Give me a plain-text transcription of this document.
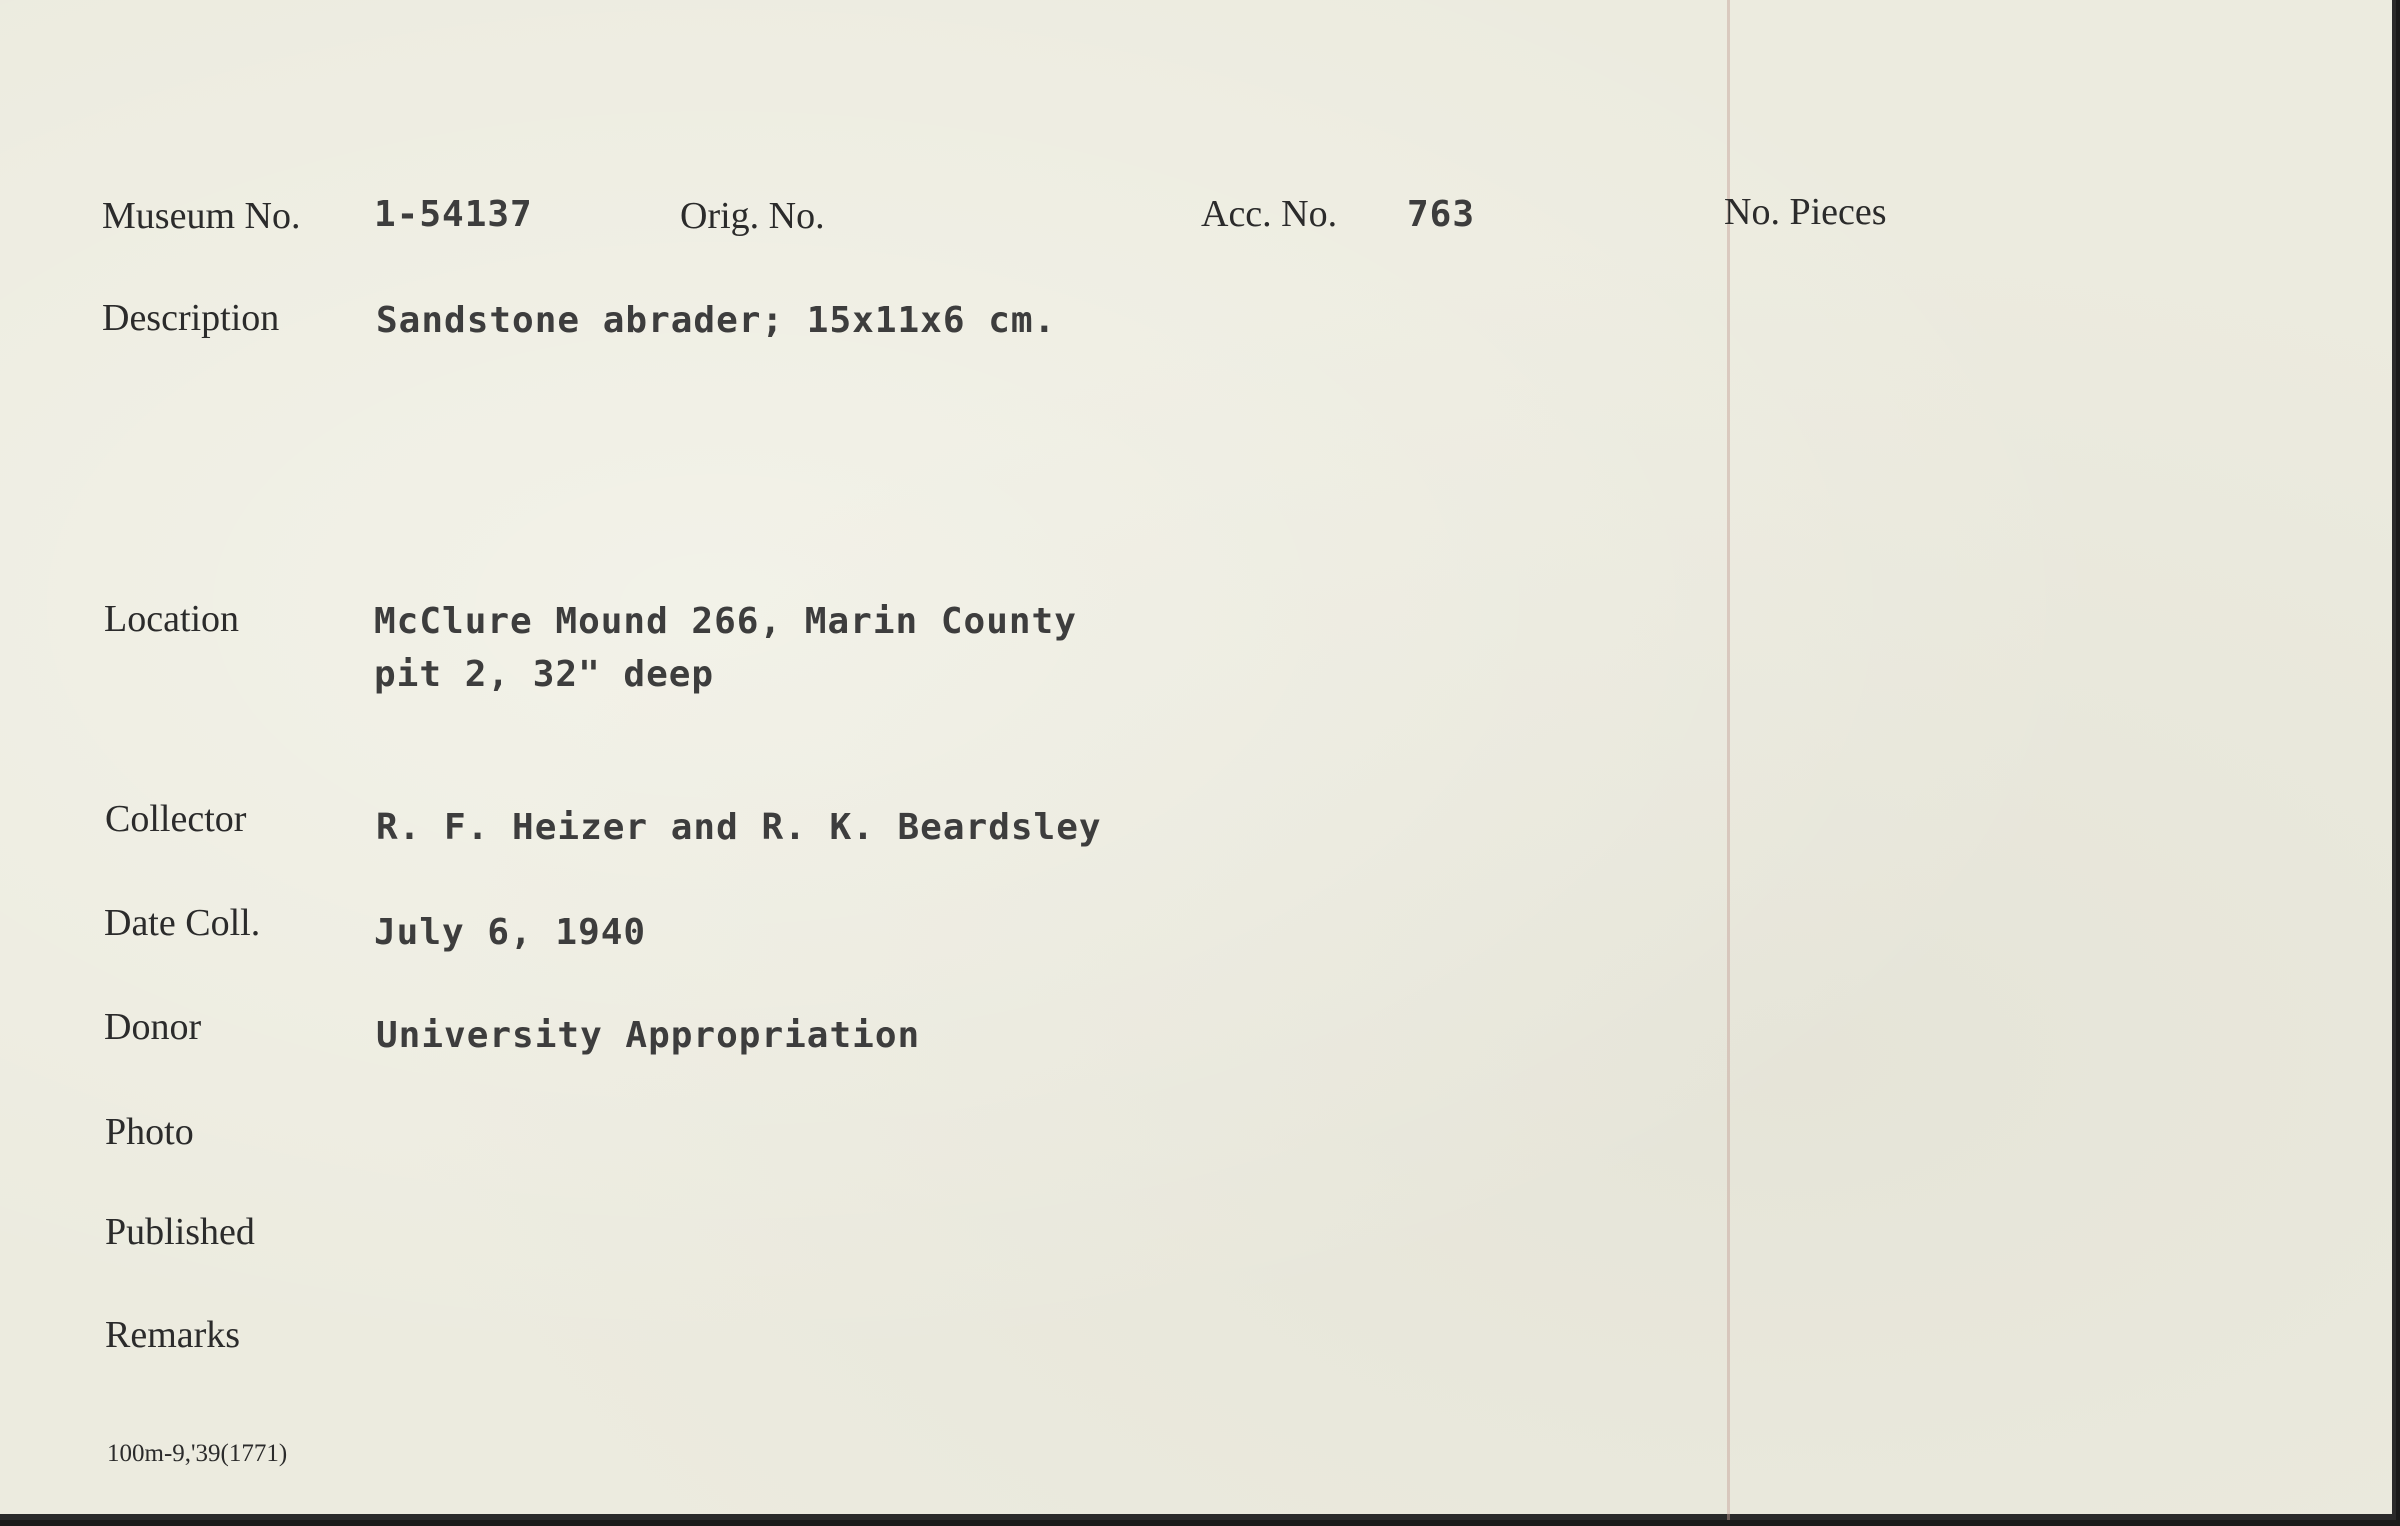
Museum No. 1-54137	Orig. No.	Acc. No. 763	No. Pieces
Description	Sandstone abrader; 15x11x6 cm.
Location	McClure Mound 266, Marin County
pit 2, 32" deep
Collector	R. F. Heizer and R. K. Beardsley
Date Coll.	July 6, 1940
Donor	University Appropriation
Photo
Published
Remarks
100m-9,'39(1771)
